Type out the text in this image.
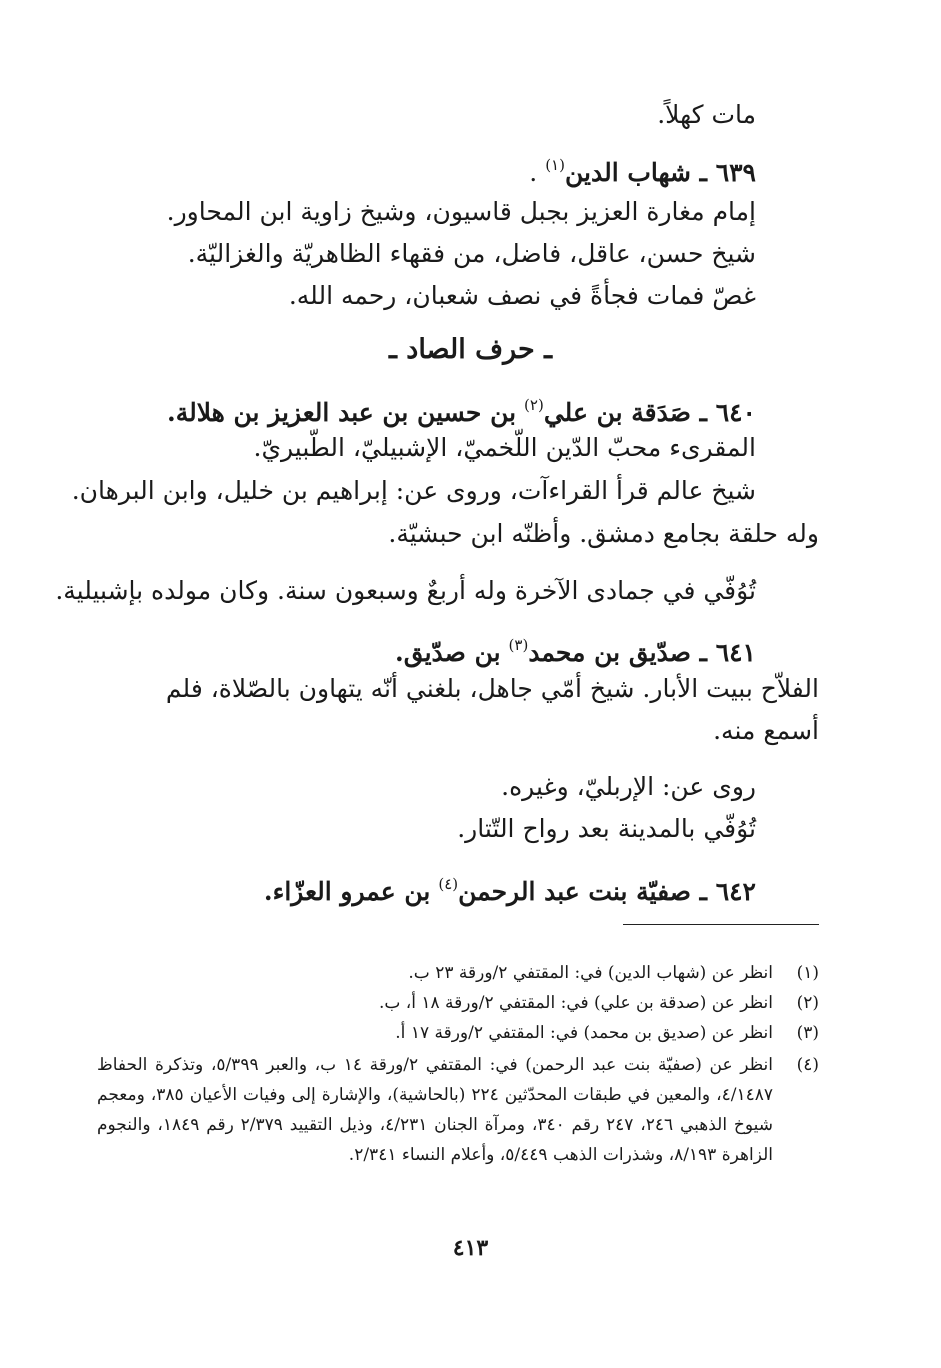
مات كهلاً.
٦٣٩ ـ شهاب الدين$^{(١)}$ .
إمام مغارة العزيز بجبل قاسيون، وشيخ زاوية ابن المحاور.
شيخ حسن، عاقل، فاضل، من فقهاء الظاهريّة والغزاليّة.
غصّ فمات فجأةً في نصف شعبان، رحمه الله.
ـ حرف الصاد ـ
٦٤٠ ـ صَدَقة بن علي$^{(٢)}$ بن حسين بن عبد العزيز بن هلالة.
المقرىء محبّ الدّين اللّخميّ، الإشبيليّ، الطّبيريّ.
شيخ عالم قرأ القراءآت، وروى عن: إبراهيم بن خليل، وابن البرهان.
وله حلقة بجامع دمشق. وأظنّه ابن حبشيّة.
تُوُفّي في جمادى الآخرة وله أربعٌ وسبعون سنة. وكان مولده بإشبيلية.
٦٤١ ـ صدّيق بن محمد$^{(٣)}$ بن صدّيق.
الفلاّح ببيت الأبار. شيخ أمّي جاهل، بلغني أنّه يتهاون بالصّلاة، فلم
أسمع منه.
روى عن: الإربليّ، وغيره.
تُوُفّي بالمدينة بعد رواح التّتار.
٦٤٢ ـ صفيّة بنت عبد الرحمن$^{(٤)}$ بن عمرو العزّاء.
(١)
انظر عن (شهاب الدين) في: المقتفي ٢/ورقة ٢٣ ب.
(٢)
انظر عن (صدقة بن علي) في: المقتفي ٢/ورقة ١٨ أ، ب.
(٣)
انظر عن (صديق بن محمد) في: المقتفي ٢/ورقة ١٧ أ.
(٤)
انظر عن (صفيّة بنت عبد الرحمن) في: المقتفي ٢/ورقة ١٤ ب، والعبر ٥/٣٩٩، وتذكرة الحفاظ ٤/١٤٨٧، والمعين في طبقات المحدّثين ٢٢٤ (بالحاشية)، والإشارة إلى وفيات الأعيان ٣٨٥، ومعجم شيوخ الذهبي ٢٤٦، ٢٤٧ رقم ٣٤٠، ومرآة الجنان ٤/٢٣١، وذيل التقييد ٢/٣٧٩ رقم ١٨٤٩، والنجوم الزاهرة ٨/١٩٣، وشذرات الذهب ٥/٤٤٩، وأعلام النساء ٢/٣٤١.
٤١٣
